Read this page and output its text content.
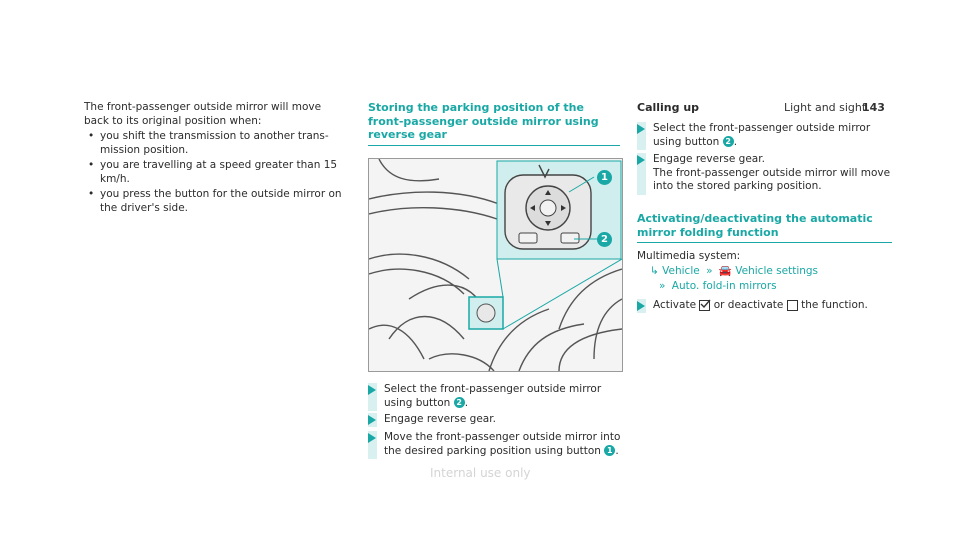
Light and sight
143
The front-passenger outside mirror will move back to its original position when:
• you shift the transmission to another trans-mission position.
• you are travelling at a speed greater than 15 km/h.
• you press the button for the outside mirror on the driver's side.
Storing the parking position of the front-passenger outside mirror using reverse gear
1
2
Select the front-passenger outside mirror using button 2 .
Engage reverse gear.
Move the front-passenger outside mirror into the desired parking position using button 1 .
Calling up
Select the front-passenger outside mirror using button 2 .
Engage reverse gear.
The front-passenger outside mirror will move into the stored parking position.
Activating/deactivating the automatic mirror folding function
Multimedia system:
↳ Vehicle » 🚘 Vehicle settings
» Auto. fold-in mirrors
Activate or deactivate the function.
Internal use only
